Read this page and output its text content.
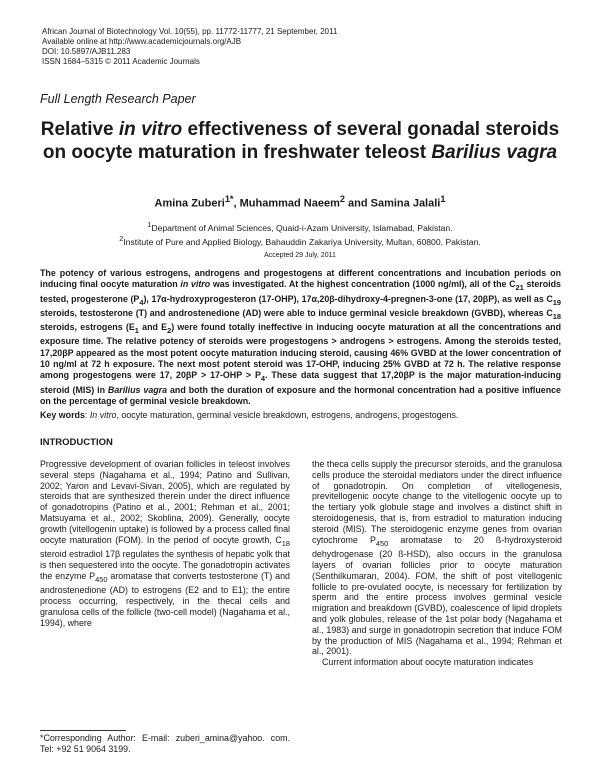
African Journal of Biotechnology Vol. 10(55), pp. 11772-11777, 21 September, 2011
Available online at http://www.academicjournals.org/AJB
DOI: 10.5897/AJB11.283
ISSN 1684–5315 © 2011 Academic Journals
Full Length Research Paper
Relative in vitro effectiveness of several gonadal steroids on oocyte maturation in freshwater teleost Barilius vagra
Amina Zuberi$^{1*}$, Muhammad Naeem$^2$ and Samina Jalali$^1$
$^1$Department of Animal Sciences, Quaid-i-Azam University, Islamabad, Pakistan.
$^2$Institute of Pure and Applied Biology, Bahauddin Zakariya University, Multan, 60800, Pakistan.
Accepted 29 July, 2011
The potency of various estrogens, androgens and progestogens at different concentrations and incubation periods on inducing final oocyte maturation in vitro was investigated. At the highest concentration (1000 ng/ml), all of the $C_{21}$ steroids tested, progesterone $(P_4)$, 17α-hydroxyprogesteron (17-OHP), 17α,20β-dihydroxy-4-pregnen-3-one (17, 20βP), as well as $C_{19}$ steroids, testosterone (T) and androstenedione (AD) were able to induce germinal vesicle breakdown (GVBD), whereas $C_{18}$ steroids, estrogens ($E_1$ and $E_2$) were found totally ineffective in inducing oocyte maturation at all the concentrations and exposure time. The relative potency of steroids were progestogens > androgens > estrogens. Among the steroids tested, 17,20βP appeared as the most potent oocyte maturation inducing steroid, causing 46% GVBD at the lower concentration of 10 ng/ml at 72 h exposure. The next most potent steroid was 17-OHP, inducing 25% GVBD at 72 h. The relative response among progestogens were 17, $20\beta P > 17-OHP > P_4$. These data suggest that 17,20βP is the major maturation-inducing steroid (MIS) in Barilius vagra and both the duration of exposure and the hormonal concentration had a positive influence on the percentage of germinal vesicle breakdown.
Key words: In vitro, oocyte maturation, germinal vesicle breakdown, estrogens, androgens, progestogens.
INTRODUCTION
Progressive development of ovarian follicles in teleost involves several steps (Nagahama et al., 1994; Patino and Sullivan, 2002; Yaron and Levavi-Sivan, 2005), which are regulated by steroids that are synthesized therein under the direct influence of gonadotropins (Patino et al., 2001; Rehman et al., 2001; Matsuyama et al., 2002; Skoblina, 2009). Generally, oocyte growth (vitellogenin uptake) is followed by a process called final oocyte maturation (FOM). In the period of oocyte growth, $C_{18}$ steroid estradiol 17β regulates the synthesis of hepatic yolk that is then sequestered into the oocyte. The gonadotropin activates the enzyme $P_{450}$ aromatase that converts testosterone (T) and androstenedione (AD) to estrogens (E2 and to E1); the entire process occurring, respectively, in the thecal cells and granulosa cells of the follicle (two-cell model) (Nagahama et al., 1994), where
the theca cells supply the precursor steroids, and the granulosa cells produce the steroidal mediators under the direct influence of gonadotropin. On completion of vitellogenesis, previtellogenic oocyte change to the vitellogenic oocyte up to the tertiary yolk globule stage and involves a distinct shift in steroidogenesis, that is, from estradiol to maturation inducing steroid (MIS). The steroidogenic enzyme genes from ovarian cytochrome $P_{450}$ aromatase to 20 ß-hydroxysteroid dehydrogenase (20 ß-HSD), also occurs in the granulosa layers of ovarian follicles prior to oocyte maturation (Senthilkumaran, 2004). FOM, the shift of post vitellogenic follicle to pre-ovulated oocyte, is necessary for fertilization by sperm and the entire process involves germinal vesicle migration and breakdown (GVBD), coalescence of lipid droplets and yolk globules, release of the 1st polar body (Nagahama et al., 1983) and surge in gonadotropin secretion that induce FOM by the production of MIS (Nagahama et al., 1994; Rehman et al., 2001).
Current information about oocyte maturation indicates
*Corresponding Author: E-mail: zuberi_amina@yahoo. com. Tel: +92 51 9064 3199.
